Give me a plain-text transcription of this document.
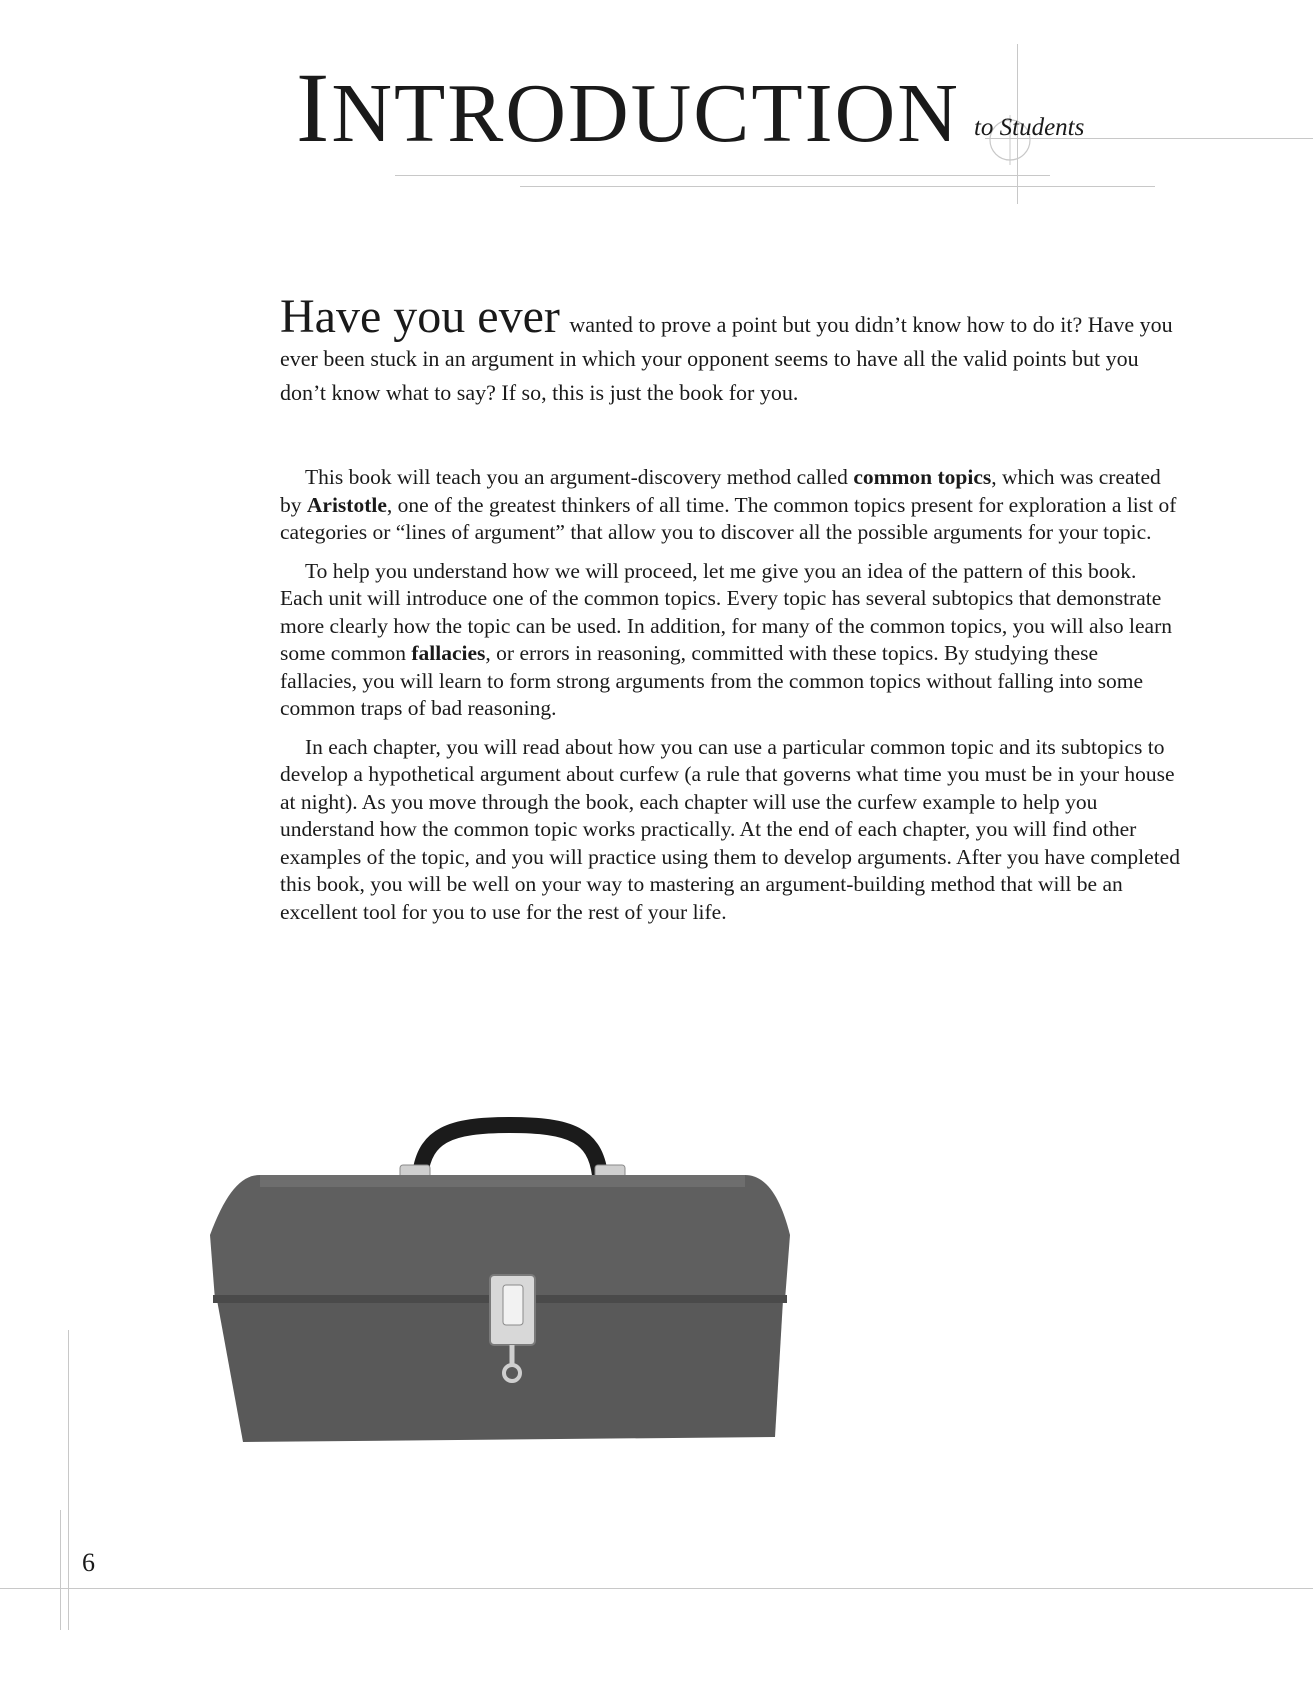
INTRODUCTION to Students
Have you ever wanted to prove a point but you didn’t know how to do it? Have you ever been stuck in an argument in which your opponent seems to have all the valid points but you don’t know what to say? If so, this is just the book for you.

This book will teach you an argument-discovery method called common topics, which was created by Aristotle, one of the greatest thinkers of all time. The common topics present for exploration a list of categories or “lines of argument” that allow you to discover all the possible arguments for your topic.

To help you understand how we will proceed, let me give you an idea of the pattern of this book. Each unit will introduce one of the common topics. Every topic has several subtopics that demonstrate more clearly how the topic can be used. In addition, for many of the common topics, you will also learn some common fallacies, or errors in reasoning, committed with these topics. By studying these fallacies, you will learn to form strong arguments from the common topics without falling into some common traps of bad reasoning.

In each chapter, you will read about how you can use a particular common topic and its subtopics to develop a hypothetical argument about curfew (a rule that governs what time you must be in your house at night). As you move through the book, each chapter will use the curfew example to help you understand how the common topic works practically. At the end of each chapter, you will find other examples of the topic, and you will practice using them to develop arguments. After you have completed this book, you will be well on your way to mastering an argument-building method that will be an excellent tool for you to use for the rest of your life.

6
